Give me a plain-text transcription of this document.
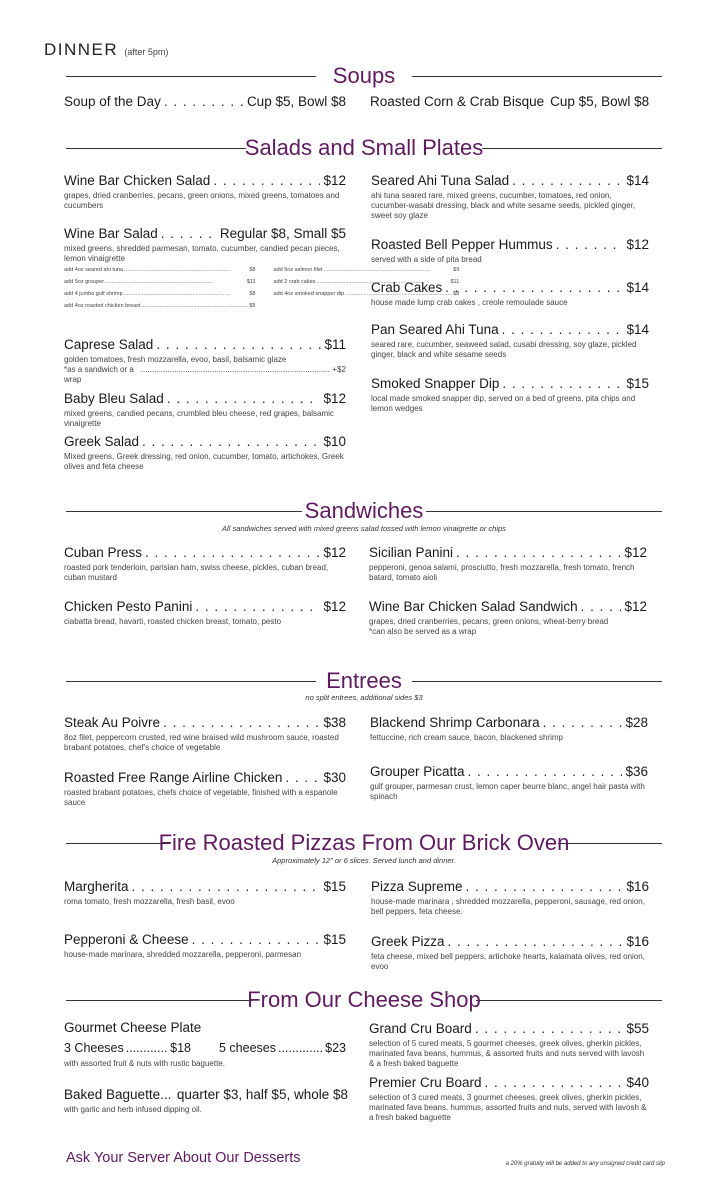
DINNER (after 5pm)
Soups
Soup of the Day . . .	Cup $5, Bowl $8 Roasted Corn & Crab Bisque Cup $5, Bowl $8
Salads and Small Plates
Wine Bar Chicken Salad . . .	$12
grapes, dried cranberries, pecans, green onions, mixed greens, tomatoes and cucumbers
Wine Bar Salad . . .	Regular $8, Small $5
mixed greens, shredded parmesan, tomato, cucumber, candied pecan pieces, lemon vinaigrette
add 4oz seared ahi tuna .....	$8	add 5oz salmon filet .....	$9
add 5oz grouper .....	$11	add 2 crab cakes .....	$11
add 4 jumbo gulf shrimp .....	$8	add 4oz smoked snapper dip .....	$8
add 4oz roasted chicken breast .....	$5
Caprese Salad . . .	$11
golden tomatoes, fresh mozzarella, evoo, basil, balsamic glaze
*as a sandwich or a wrap
.....
+$2
Baby Bleu Salad . . .	$12
mixed greens, candied pecans, crumbled bleu cheese, red grapes, balsamic vinaigrette
Greek Salad . . .	$10
Mixed greens, Greek dressing, red onion, cucumber, tomato, artichokes, Greek olives and feta cheese
Seared Ahi Tuna Salad . . .	$14
ahi tuna seared rare, mixed greens, cucumber, tomatoes, red onion, cucumber-wasabi dressing, black and white sesame seeds, pickled ginger, sweet soy glaze
Roasted Bell Pepper Hummus . . .	$12
served with a side of pita bread
Crab Cakes . . .	$14
house made lump crab cakes , creole remoulade sauce
Pan Seared Ahi Tuna . . .	$14
seared rare, cucumber, seaweed salad, cusabi dressing, soy glaze, pickled ginger, black and white sesame seeds
Smoked Snapper Dip . . .	$15
local made smoked snapper dip, served on a bed of greens, pita chips and lemon wedges
Sandwiches
All sandwiches served with mixed greens salad tossed with lemon vinaigrette or chips
Cuban Press . . .	$12
roasted pork tenderloin, parisian ham, swiss cheese, pickles, cuban bread, cuban mustard
Chicken Pesto Panini . . .	$12
ciabatta bread, havarti, roasted chicken breast, tomato, pesto
Sicilian Panini . . .	$12
pepperoni, genoa salami, prosciutto, fresh mozzarella, fresh tomato, french batard, tomato aioli
Wine Bar Chicken Salad Sandwich . . .	$12
grapes, dried cranberries, pecans, green onions, wheat-berry bread
*can also be served as a wrap
Entrees
no split entrees, additional sides $3
Steak Au Poivre . . .	$38
8oz filet, peppercorn crusted, red wine braised wild mushroom sauce, roasted brabant potatoes, chef's choice of vegetable
Roasted Free Range Airline Chicken . . .	$30
roasted brabant potatoes, chefs choice of vegetable, finished with a espanole sauce
Blackend Shrimp Carbonara . . .	$28
fettuccine, rich cream sauce, bacon, blackened shrimp
Grouper Picatta . . .	$36
gulf grouper, parmesan crust, lemon caper beurre blanc, angel hair pasta with spinach
Fire Roasted Pizzas From Our Brick Oven
Approximately 12" or 6 slices. Served lunch and dinner.
Margherita . . .	$15
roma tomato, fresh mozzarella, fresh basil, evoo
Pepperoni & Cheese . . .	$15
house-made marinara, shredded mozzarella, pepperoni, parmesan
Pizza Supreme . . .	$16
house-made marinara , shredded mozzarella, pepperoni, sausage, red onion, bell peppers, feta cheese.
Greek Pizza . . .	$16
feta cheese, mixed bell peppers, artichoke hearts, kalamata olives, red onion, evoo
From Our Cheese Shop
Gourmet Cheese Plate
3 Cheeses .....	$18 5 cheeses .....	$23
with assorted fruit & nuts with rustic baguette.
Baked Baguette... quarter $3, half $5, whole $8
with garlic and herb infused dipping oil.
Grand Cru Board . . .	$55
selection of 5 cured meats, 5 gourmet cheeses, greek olives, gherkin pickles, marinated fava beans, hummus, & assorted fruits and nuts served with lavosh & a fresh baked baguette
Premier Cru Board . . .	$40
selection of 3 cured meats, 3 gourmet cheeses, greek olives, gherkin pickles, marinated fava beans, hummus, assorted fruits and nuts, served with lavosh & a fresh baked baguette
Ask Your Server About Our Desserts	a 20% gratuity will be added to any unsigned credit card slip
